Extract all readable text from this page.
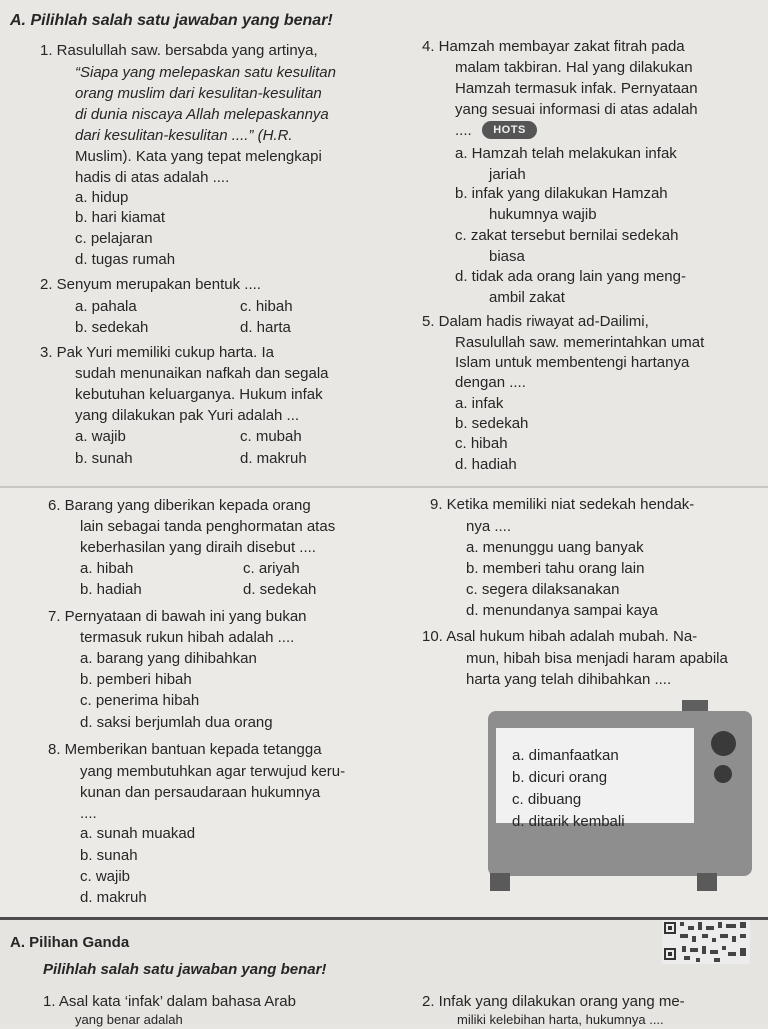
A. Pilihlah salah satu jawaban yang benar!
1. Rasulullah saw. bersabda yang artinya,
“Siapa yang melepaskan satu kesulitan
orang muslim dari kesulitan-kesulitan
di dunia niscaya Allah melepaskannya
dari kesulitan-kesulitan ....” (H.R.
Muslim). Kata yang tepat melengkapi
hadis di atas adalah ....
a. hidup
b. hari kiamat
c. pelajaran
d. tugas rumah
2. Senyum merupakan bentuk ....
a. pahala	c. hibah
b. sedekah	d. harta
3. Pak Yuri memiliki cukup harta. Ia
sudah menunaikan nafkah dan segala
kebutuhan keluarganya. Hukum infak
yang dilakukan pak Yuri adalah ...
a. wajib	c. mubah
b. sunah	d. makruh
4. Hamzah membayar zakat fitrah pada
malam takbiran. Hal yang dilakukan
Hamzah termasuk infak. Pernyataan
yang sesuai informasi di atas adalah
....	HOTS
a. Hamzah telah melakukan infak
jariah
b. infak yang dilakukan Hamzah
hukumnya wajib
c. zakat tersebut bernilai sedekah
biasa
d. tidak ada orang lain yang meng-
ambil zakat
5. Dalam hadis riwayat ad-Dailimi,
Rasulullah saw. memerintahkan umat
Islam untuk membentengi hartanya
dengan ....
a. infak
b. sedekah
c. hibah
d. hadiah
6. Barang yang diberikan kepada orang
lain sebagai tanda penghormatan atas
keberhasilan yang diraih disebut ....
a. hibah	c. ariyah
b. hadiah	d. sedekah
7. Pernyataan di bawah ini yang bukan
termasuk rukun hibah adalah ....
a. barang yang dihibahkan
b. pemberi hibah
c. penerima hibah
d. saksi berjumlah dua orang
8. Memberikan bantuan kepada tetangga
yang membutuhkan agar terwujud keru-
kunan dan persaudaraan hukumnya
....
a. sunah muakad
b. sunah
c. wajib
d. makruh
9. Ketika memiliki niat sedekah hendak-
nya ....
a. menunggu uang banyak
b. memberi tahu orang lain
c. segera dilaksanakan
d. menundanya sampai kaya
10. Asal hukum hibah adalah mubah. Na-
mun, hibah bisa menjadi haram apabila
harta yang telah dihibahkan ....
a. dimanfaatkan
b. dicuri orang
c. dibuang
d. ditarik kembali
A. Pilihan Ganda
Pilihlah salah satu jawaban yang benar!
1. Asal kata ‘infak’ dalam bahasa Arab
yang benar adalah
2. Infak yang dilakukan orang yang me-
miliki kelebihan harta, hukumnya ....
